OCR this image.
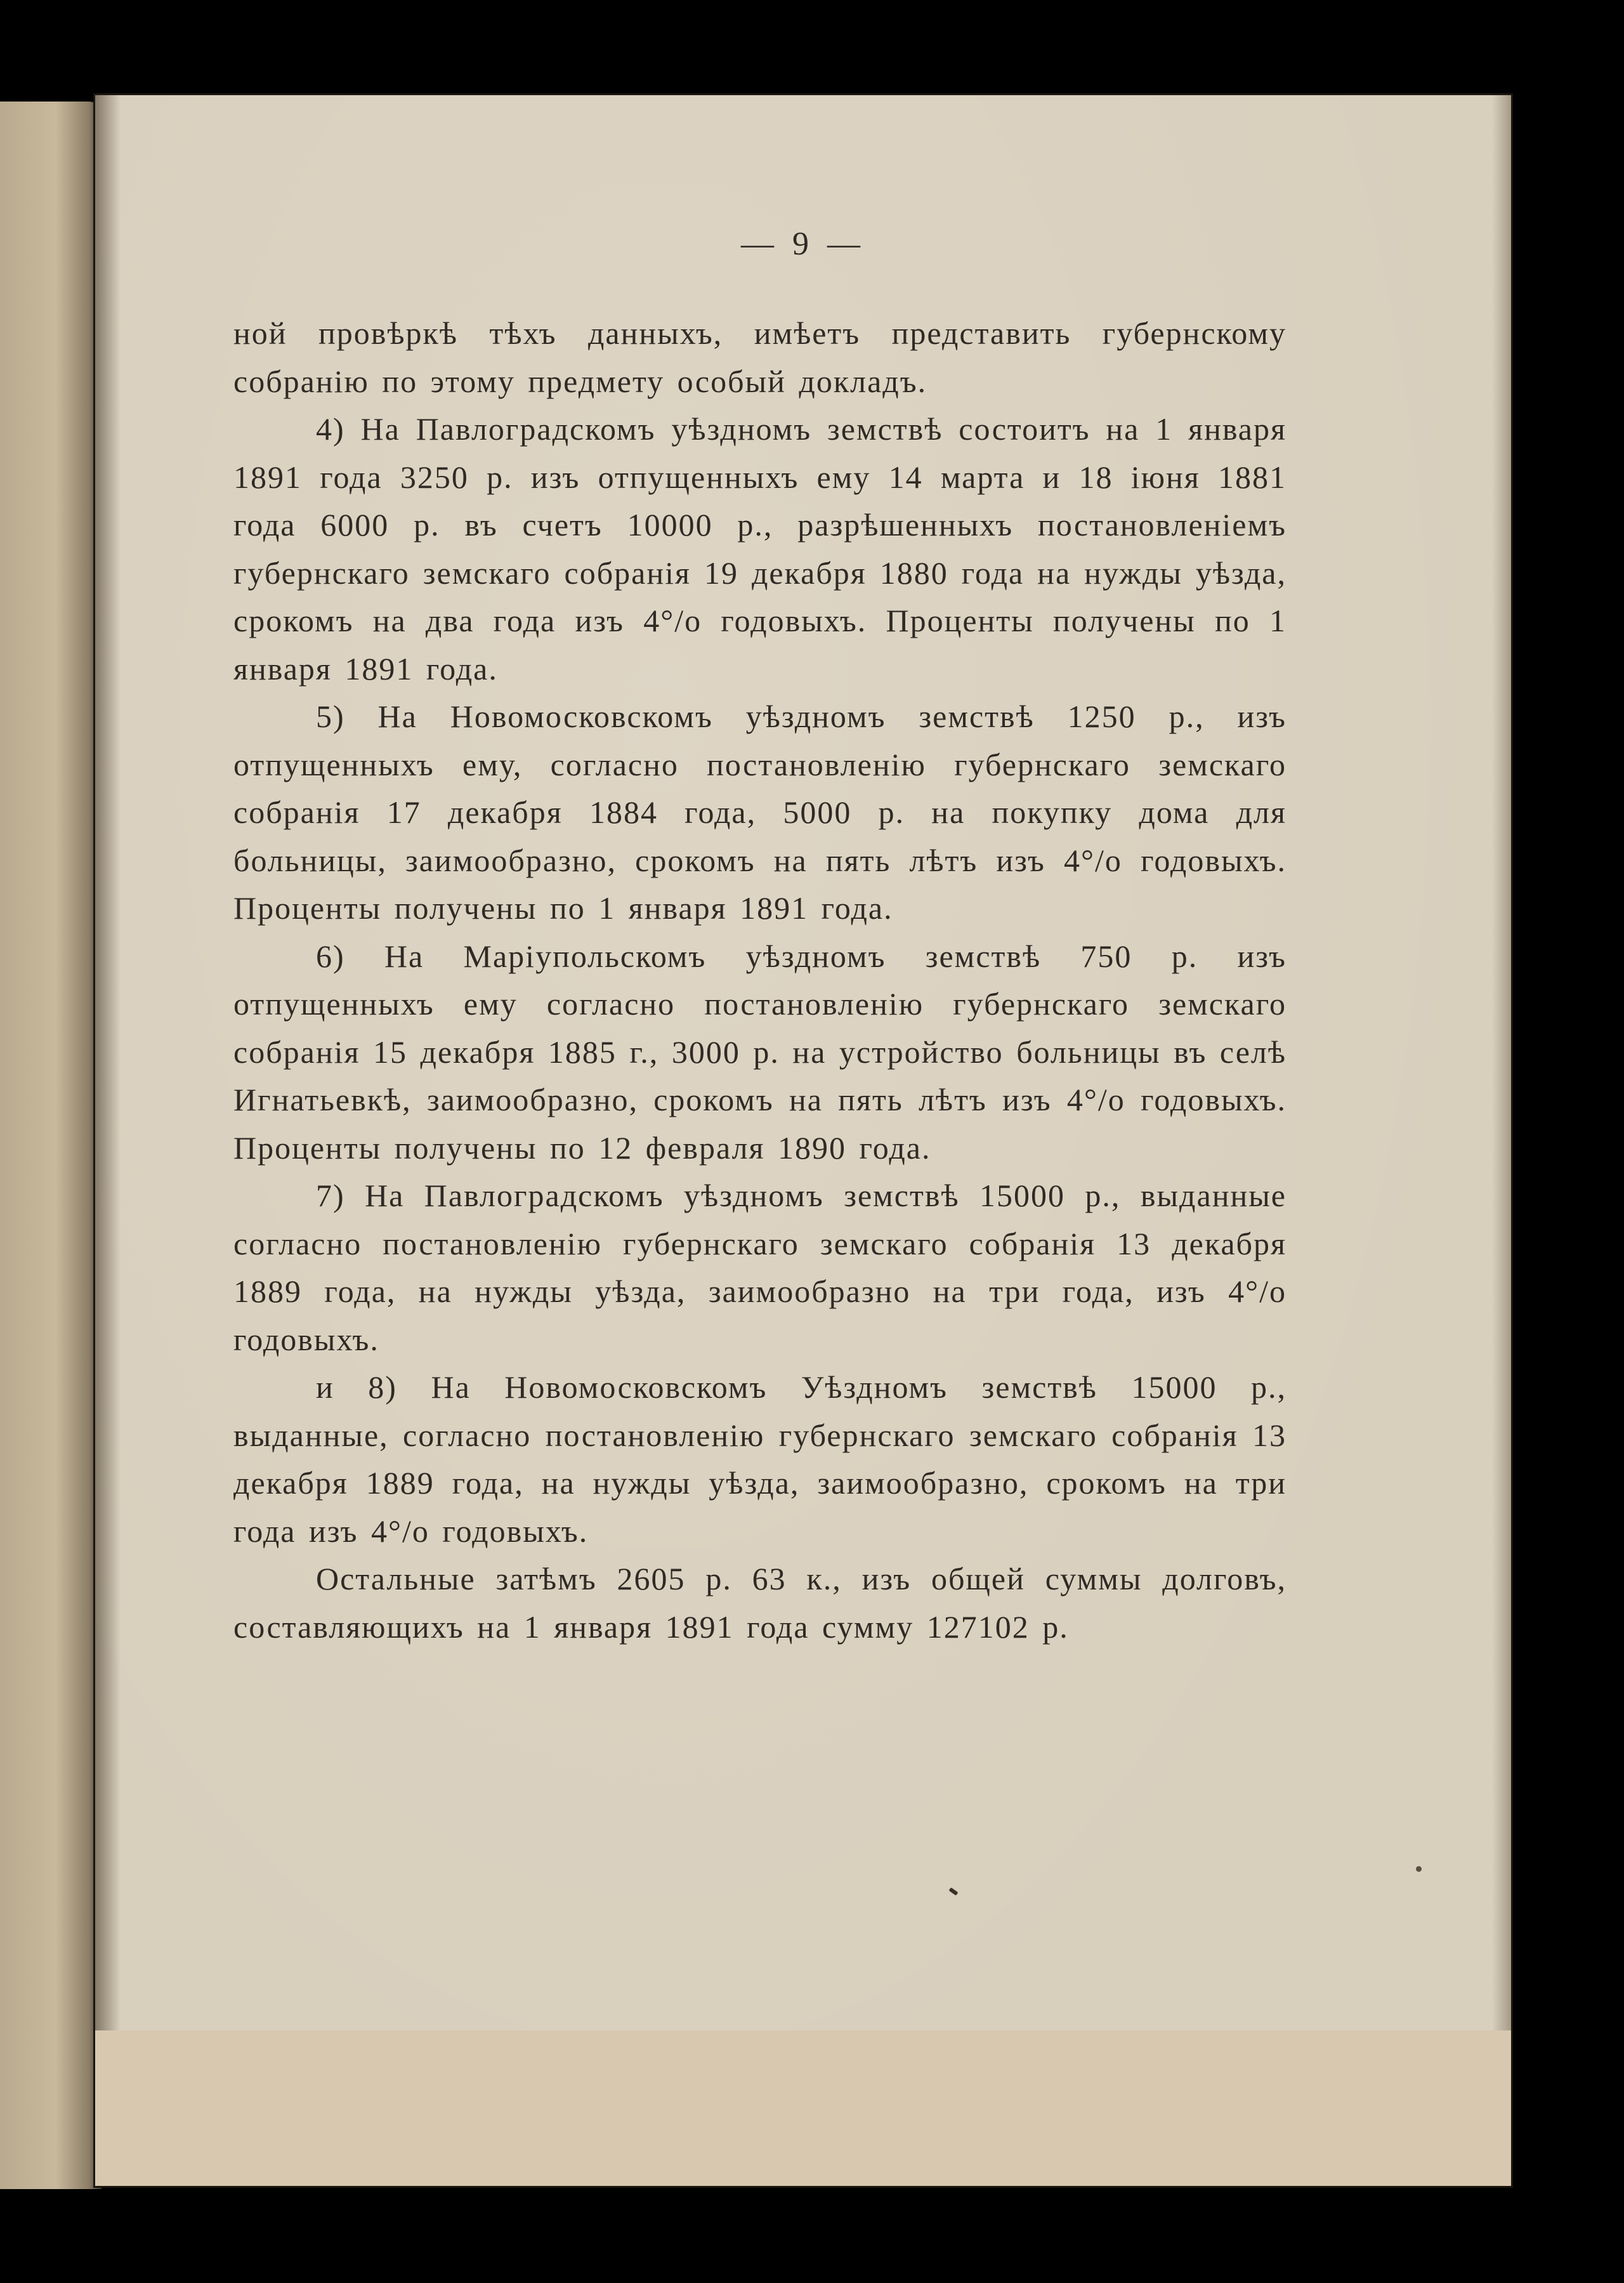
— 9 —

ной провѣркѣ тѣхъ данныхъ, имѣетъ представить губернскому собранію по этому предмету особый докладъ.

4) На Павлоградскомъ уѣздномъ земствѣ состоитъ на 1 января 1891 года 3250 р. изъ отпущенныхъ ему 14 марта и 18 іюня 1881 года 6000 р. въ счетъ 10000 р., разрѣшенныхъ постановленіемъ губернскаго земскаго собранія 19 декабря 1880 года на нужды уѣзда, срокомъ на два года изъ 4°/o годовыхъ. Проценты получены по 1 января 1891 года.

5) На Новомосковскомъ уѣздномъ земствѣ 1250 р., изъ отпущенныхъ ему, согласно постановленію губернскаго земскаго собранія 17 декабря 1884 года, 5000 р. на покупку дома для больницы, заимообразно, срокомъ на пять лѣтъ изъ 4°/o годовыхъ. Проценты получены по 1 января 1891 года.

6) На Маріупольскомъ уѣздномъ земствѣ 750 р. изъ отпущенныхъ ему согласно постановленію губернскаго земскаго собранія 15 декабря 1885 г., 3000 р. на устройство больницы въ селѣ Игнатьевкѣ, заимообразно, срокомъ на пять лѣтъ изъ 4°/o годовыхъ. Проценты получены по 12 февраля 1890 года.

7) На Павлоградскомъ уѣздномъ земствѣ 15000 р., выданные согласно постановленію губернскаго земскаго собранія 13 декабря 1889 года, на нужды уѣзда, заимообразно на три года, изъ 4°/o годовыхъ.

и 8) На Новомосковскомъ Уѣздномъ земствѣ 15000 р., выданные, согласно постановленію губернскаго земскаго собранія 13 декабря 1889 года, на нужды уѣзда, заимообразно, срокомъ на три года изъ 4°/o годовыхъ.

Остальные затѣмъ 2605 р. 63 к., изъ общей суммы долговъ, составляющихъ на 1 января 1891 года сумму 127102 р.
